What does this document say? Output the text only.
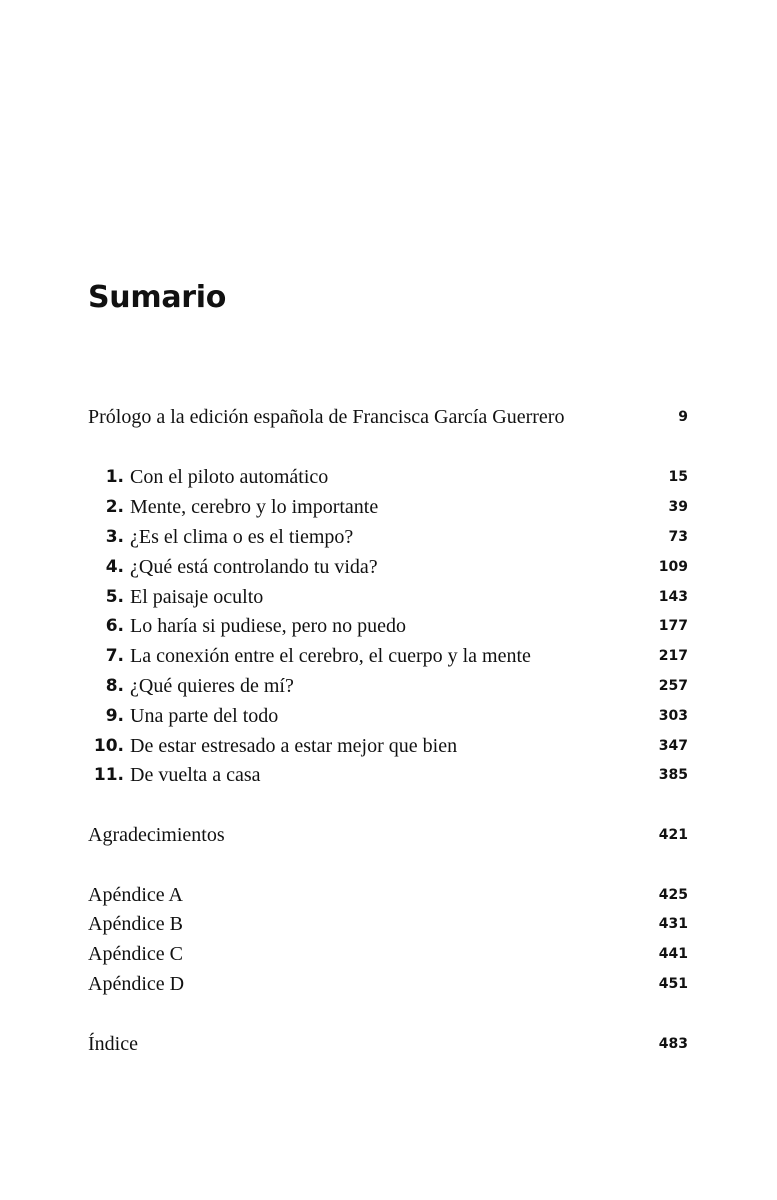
Sumario
Prólogo a la edición española de Francisca García Guerrero	9
1. Con el piloto automático	15
2. Mente, cerebro y lo importante	39
3. ¿Es el clima o es el tiempo?	73
4. ¿Qué está controlando tu vida?	109
5. El paisaje oculto	143
6. Lo haría si pudiese, pero no puedo	177
7. La conexión entre el cerebro, el cuerpo y la mente	217
8. ¿Qué quieres de mí?	257
9. Una parte del todo	303
10. De estar estresado a estar mejor que bien	347
11. De vuelta a casa	385
Agradecimientos	421
Apéndice A	425
Apéndice B	431
Apéndice C	441
Apéndice D	451
Índice	483
